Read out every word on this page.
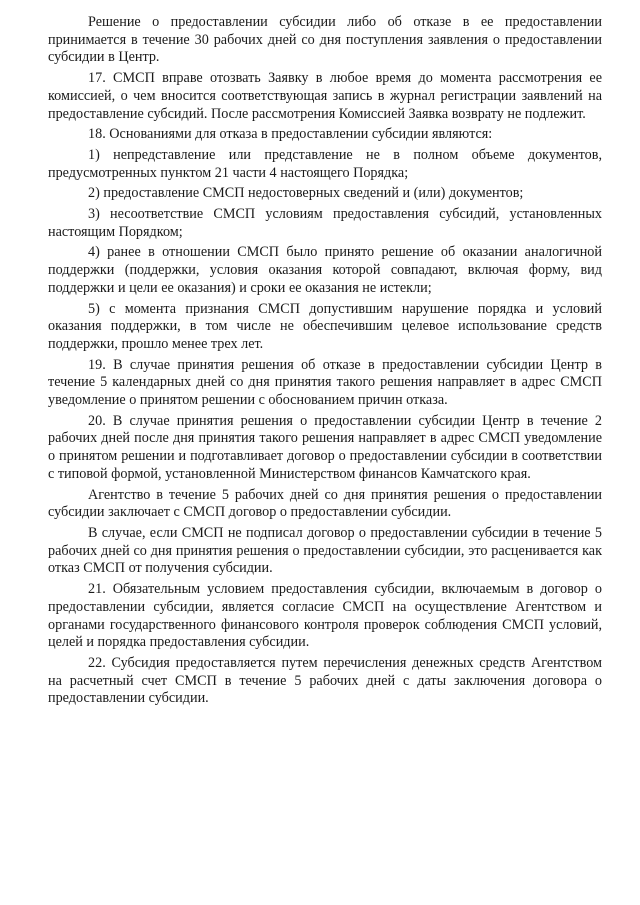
Решение о предоставлении субсидии либо об отказе в ее предоставлении принимается в течение 30 рабочих дней со дня поступления заявления о предоставлении субсидии в Центр.

17. СМСП вправе отозвать Заявку в любое время до момента рассмотрения ее комиссией, о чем вносится соответствующая запись в журнал регистрации заявлений на предоставление субсидий. После рассмотрения Комиссией Заявка возврату не подлежит.

18. Основаниями для отказа в предоставлении субсидии являются:

1) непредставление или представление не в полном объеме документов, предусмотренных пунктом 21 части 4 настоящего Порядка;

2) предоставление СМСП недостоверных сведений и (или) документов;

3) несоответствие СМСП условиям предоставления субсидий, установленных настоящим Порядком;

4) ранее в отношении СМСП было принято решение об оказании аналогичной поддержки (поддержки, условия оказания которой совпадают, включая форму, вид поддержки и цели ее оказания) и сроки ее оказания не истекли;

5) с момента признания СМСП допустившим нарушение порядка и условий оказания поддержки, в том числе не обеспечившим целевое использование средств поддержки, прошло менее трех лет.

19. В случае принятия решения об отказе в предоставлении субсидии Центр в течение 5 календарных дней со дня принятия такого решения направляет в адрес СМСП уведомление о принятом решении с обоснованием причин отказа.

20. В случае принятия решения о предоставлении субсидии Центр в течение 2 рабочих дней после дня принятия такого решения направляет в адрес СМСП уведомление о принятом решении и подготавливает договор о предоставлении субсидии в соответствии с типовой формой, установленной Министерством финансов Камчатского края.

Агентство в течение 5 рабочих дней со дня принятия решения о предоставлении субсидии заключает с СМСП договор о предоставлении субсидии.

В случае, если СМСП не подписал договор о предоставлении субсидии в течение 5 рабочих дней со дня принятия решения о предоставлении субсидии, это расценивается как отказ СМСП от получения субсидии.

21. Обязательным условием предоставления субсидии, включаемым в договор о предоставлении субсидии, является согласие СМСП на осуществление Агентством и органами государственного финансового контроля проверок соблюдения СМСП условий, целей и порядка предоставления субсидии.

22. Субсидия предоставляется путем перечисления денежных средств Агентством на расчетный счет СМСП в течение 5 рабочих дней с даты заключения договора о предоставлении субсидии.
